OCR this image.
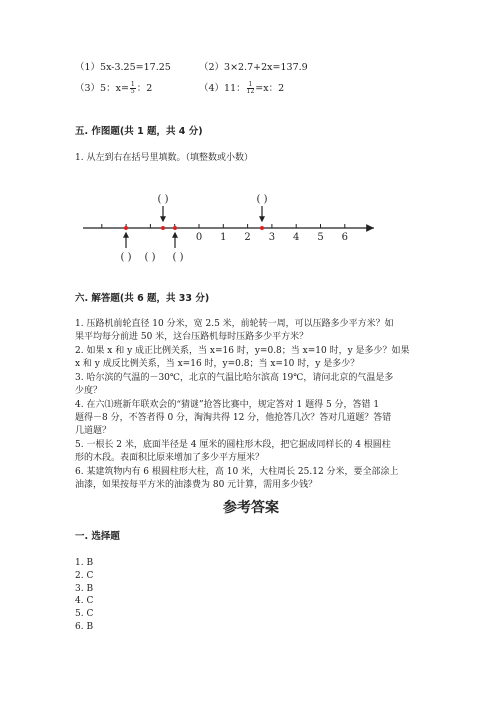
（1）5x-3.25=17.25	（2）3×2.7+2x=137.9
（3）5：$x= \frac{1}{5}$ ：2	（4）11： $\frac{1}{12} =x$：2
五. 作图题(共 1 题，共 4 分)
1. 从左到右在括号里填数。（填整数或小数）
0 1 2 3 4 5 6
( )	( )
( ) ( ) ( )
六. 解答题(共 6 题，共 33 分)
1. 压路机前轮直径 10 分米，宽 2.5 米，前轮转一周，可以压路多少平方米？如
果平均每分前进 50 米，这台压路机每时压路多少平方米？
2. 如果 x 和 y 成正比例关系，当 x=16 时，y=0.8；当 x=10 时，y 是多少？如果
x 和 y 成反比例关系，当 x=16 时，y=0.8；当 x=10 时，y 是多少？
3. 哈尔滨的气温的－30℃，北京的气温比哈尔滨高 19℃，请问北京的气温是多
少度？
4. 在六⑴班新年联欢会的“猜谜”抢答比赛中，规定答对 1 题得 5 分，答错 1
题得－8 分，不答者得 0 分，淘淘共得 12 分，他抢答几次？答对几道题？答错
几道题？
5. 一根长 2 米，底面半径是 4 厘米的圆柱形木段，把它据成同样长的 4 根圆柱
形的木段。表面积比原来增加了多少平方厘米？
6. 某建筑物内有 6 根圆柱形大柱，高 10 米，大柱周长 25.12 分米，要全部涂上
油漆，如果按每平方米的油漆费为 80 元计算，需用多少钱？
参考答案
一. 选择题
1. B
2. C
3. B
4. C
5. C
6. B
